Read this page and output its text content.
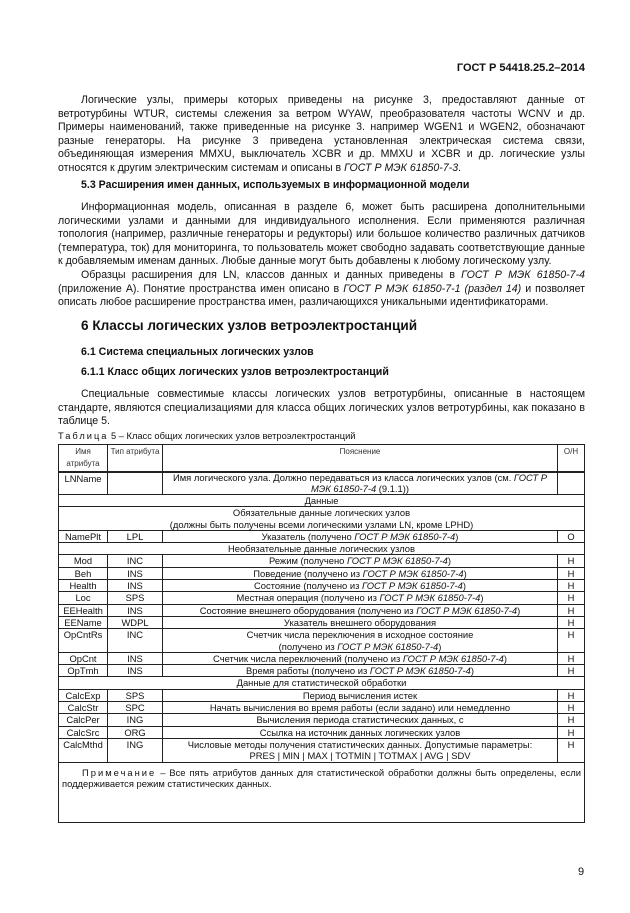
ГОСТ Р 54418.25.2–2014

Логические узлы, примеры которых приведены на рисунке 3, предоставляют данные от ветротурбины WTUR, системы слежения за ветром WYAW, преобразователя частоты WCNV и др. Примеры наименований, также приведенные на рисунке 3. например WGEN1 и WGEN2, обозначают разные генераторы. На рисунке 3 приведена установленная электрическая система связи, объединяющая измерения MMXU, выключатель XCBR и др. MMXU и XCBR и др. логические узлы относятся к другим электрическим системам и описаны в ГОСТ Р МЭК 61850-7-3.

5.3 Расширения имен данных, используемых в информационной модели

Информационная модель, описанная в разделе 6, может быть расширена дополнительными логическими узлами и данными для индивидуального исполнения. Если применяются различная топология (например, различные генераторы и редукторы) или большое количество различных датчиков (температура, ток) для мониторинга, то пользователь может свободно задавать соответствующие данные к добавляемым именам данных. Любые данные могут быть добавлены к любому логическому узлу.

Образцы расширения для LN, классов данных и данных приведены в ГОСТ Р МЭК 61850-7-4 (приложение А). Понятие пространства имен описано в ГОСТ Р МЭК 61850-7-1 (раздел 14) и позволяет описать любое расширение пространства имен, различающихся уникальными идентификаторами.

6 Классы логических узлов ветроэлектростанций

6.1 Система специальных логических узлов

6.1.1 Класс общих логических узлов ветроэлектростанций

Специальные совместимые классы логических узлов ветротурбины, описанные в настоящем стандарте, являются специализациями для класса общих логических узлов ветротурбины, как показано в таблице 5.

Таблица 5 – Класс общих логических узлов ветроэлектростанций

Имя атрибута	Тип атрибута	Пояснение	О/Н
LNName		Имя логического узла. Должно передаваться из класса логических узлов (см. ГОСТ Р МЭК 61850-7-4 (9.1.1))	

Данные			

Обязательные данные логических узлов
(должны быть получены всеми логическими узлами LN, кроме LPHD)			

NamePlt	LPL	Указатель (получено ГОСТ Р МЭК 61850-7-4)	О

Необязательные данные логических узлов			

Mod	INC	Режим (получено ГОСТ Р МЭК 61850-7-4)	Н
Beh	INS	Поведение (получено из ГОСТ Р МЭК 61850-7-4)	Н
Health	INS	Состояние (получено из ГОСТ Р МЭК 61850-7-4)	Н
Loc	SPS	Местная операция (получено из ГОСТ Р МЭК 61850-7-4)	Н
EEHealth	INS	Состояние внешнего оборудования (получено из ГОСТ Р МЭК 61850-7-4)	Н
EEName	WDPL	Указатель внешнего оборудования	Н
OpCntRs	INC	Счетчик числа переключения в исходное состояние
(получено из ГОСТ Р МЭК 61850-7-4)	Н
OpCnt	INS	Счетчик числа переключений (получено из ГОСТ Р МЭК 61850-7-4)	Н
OpTmh	INS	Время работы (получено из ГОСТ Р МЭК 61850-7-4)	Н

Данные для статистической обработки			

CalcExp	SPS	Период вычисления истек	Н
CalcStr	SPC	Начать вычисления во время работы (если задано) или немедленно	Н
CalcPer	ING	Вычисления периода статистических данных, с	Н
CalcSrc	ORG	Ссылка на источник данных логических узлов	Н
CalcMthd	ING	Числовые методы получения статистических данных. Допустимые параметры:
PRES | MIN | MAX | TOTMIN | TOTMAX | AVG | SDV	Н
Примечание – Все пять атрибутов данных для статистической обработки должны быть определены, если поддерживается режим статистических данных.			
9
